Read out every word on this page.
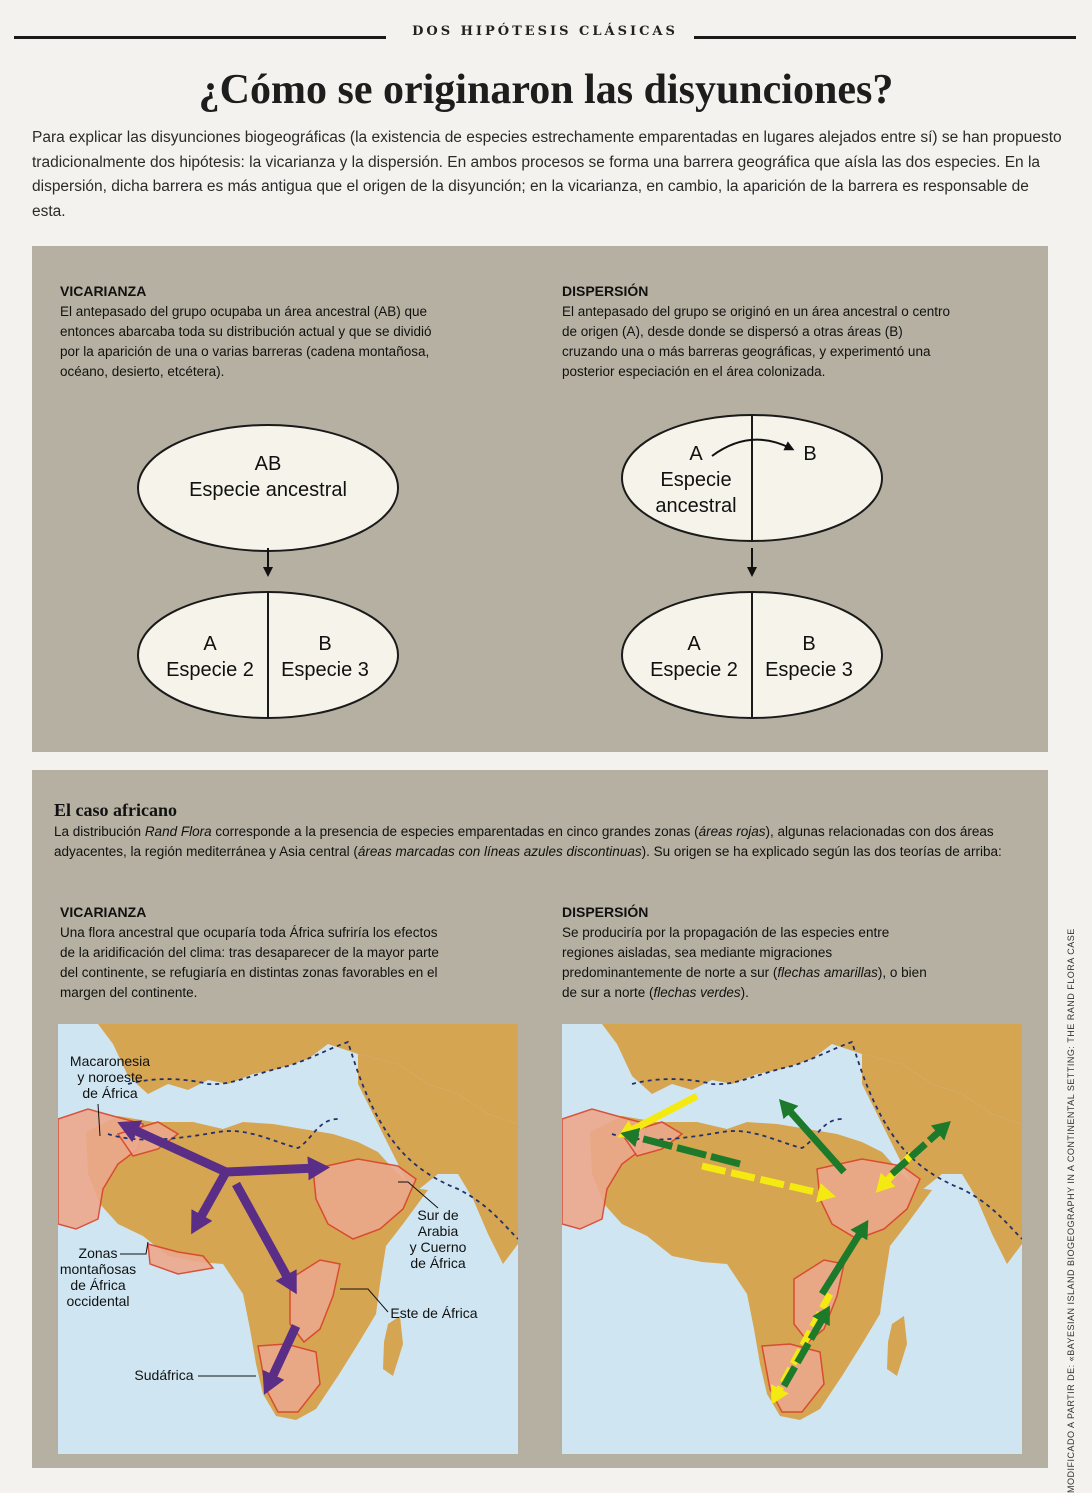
DOS HIPÓTESIS CLÁSICAS
¿Cómo se originaron las disyunciones?
Para explicar las disyunciones biogeográficas (la existencia de especies estrechamente emparentadas en lugares alejados entre sí) se han propuesto tradicionalmente dos hipótesis: la vicarianza y la dispersión. En ambos procesos se forma una barrera geográfica que aísla las dos especies. En la dispersión, dicha barrera es más antigua que el origen de la disyunción; en la vicarianza, en cambio, la aparición de la barrera es responsable de esta.
VICARIANZA
El antepasado del grupo ocupaba un área ancestral (AB) que entonces abarcaba toda su distribución actual y que se dividió por la aparición de una o varias barreras (cadena montañosa, océano, desierto, etcétera).
DISPERSIÓN
El antepasado del grupo se originó en un área ancestral o centro de origen (A), desde donde se dispersó a otras áreas (B) cruzando una o más barreras geográficas, y experimentó una posterior especiación en el área colonizada.
AB
Especie ancestral
A
Especie 2
B
Especie 3
A
Especie
ancestral
B
A
Especie 2
B
Especie 3
El caso africano
La distribución Rand Flora corresponde a la presencia de especies emparentadas en cinco grandes zonas (áreas rojas), algunas relacionadas con dos áreas adyacentes, la región mediterránea y Asia central (áreas marcadas con líneas azules discontinuas). Su origen se ha explicado según las dos teorías de arriba:
VICARIANZA
Una flora ancestral que ocuparía toda África sufriría los efectos de la aridificación del clima: tras desaparecer de la mayor parte del continente, se refugiaría en distintas zonas favorables en el margen del continente.
DISPERSIÓN
Se produciría por la propagación de las especies entre regiones aisladas, sea mediante migraciones predominantemente de norte a sur (flechas amarillas), o bien de sur a norte (flechas verdes).
Macaronesia
y noroeste
de África
Zonas
montañosas
de África
occidental
Sur de
Arabia
y Cuerno
de África
Este de África
Sudáfrica	MODIFICADO A PARTIR DE: «BAYESIAN ISLAND BIOGEOGRAPHY IN A CONTINENTAL SETTING: THE RAND FLORA CASE
